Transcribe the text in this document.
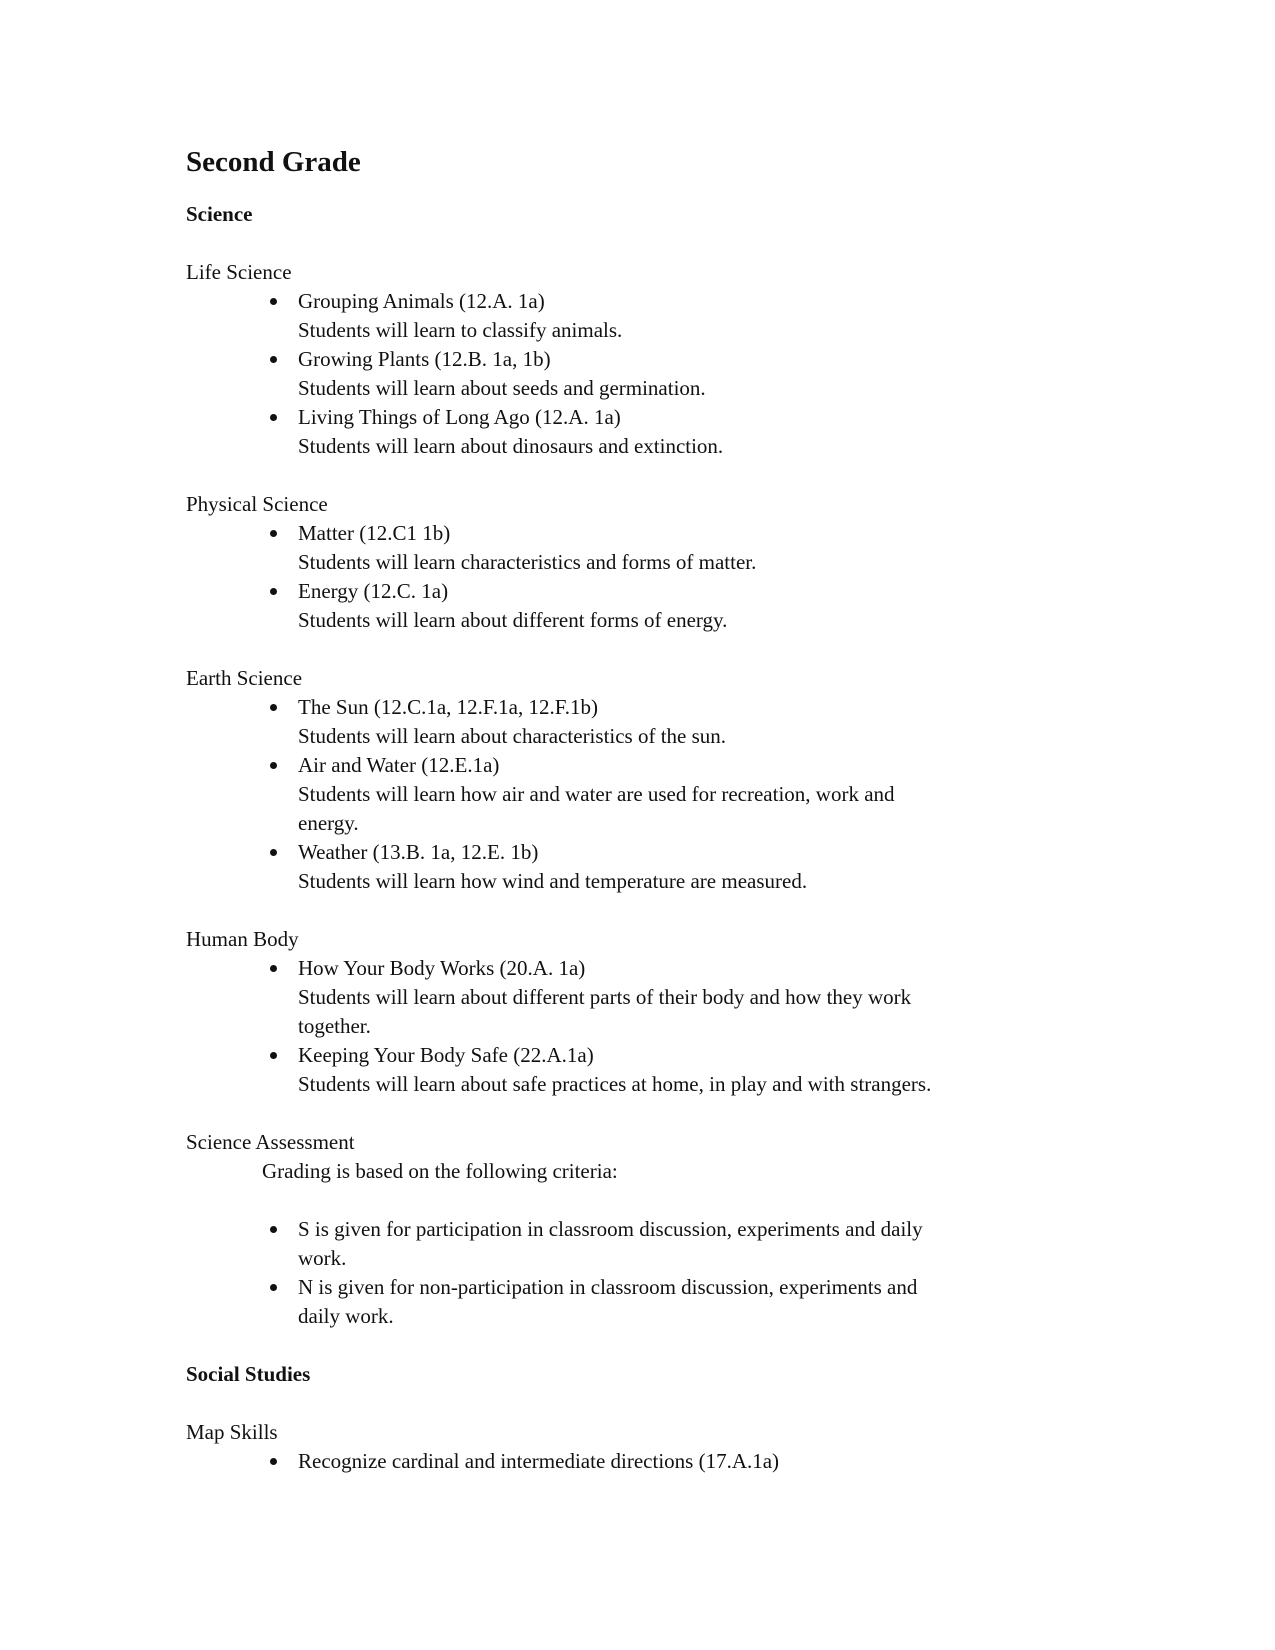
Second Grade
Science
Life Science
Grouping Animals (12.A. 1a)
Students will learn to classify animals.
Growing Plants (12.B. 1a, 1b)
Students will learn about seeds and germination.
Living Things of Long Ago (12.A. 1a)
Students will learn about dinosaurs and extinction.
Physical Science
Matter (12.C1 1b)
Students will learn characteristics and forms of matter.
Energy (12.C. 1a)
Students will learn about different forms of energy.
Earth Science
The Sun (12.C.1a, 12.F.1a, 12.F.1b)
Students will learn about characteristics of the sun.
Air and Water (12.E.1a)
Students will learn how air and water are used for recreation, work and
energy.
Weather (13.B. 1a, 12.E. 1b)
Students will learn how wind and temperature are measured.
Human Body
How Your Body Works (20.A. 1a)
Students will learn about different parts of their body and how they work
together.
Keeping Your Body Safe (22.A.1a)
Students will learn about safe practices at home, in play and with strangers.
Science Assessment
Grading is based on the following criteria:
S is given for participation in classroom discussion, experiments and daily
work.
N is given for non-participation in classroom discussion, experiments and
daily work.
Social Studies
Map Skills
Recognize cardinal and intermediate directions (17.A.1a)
